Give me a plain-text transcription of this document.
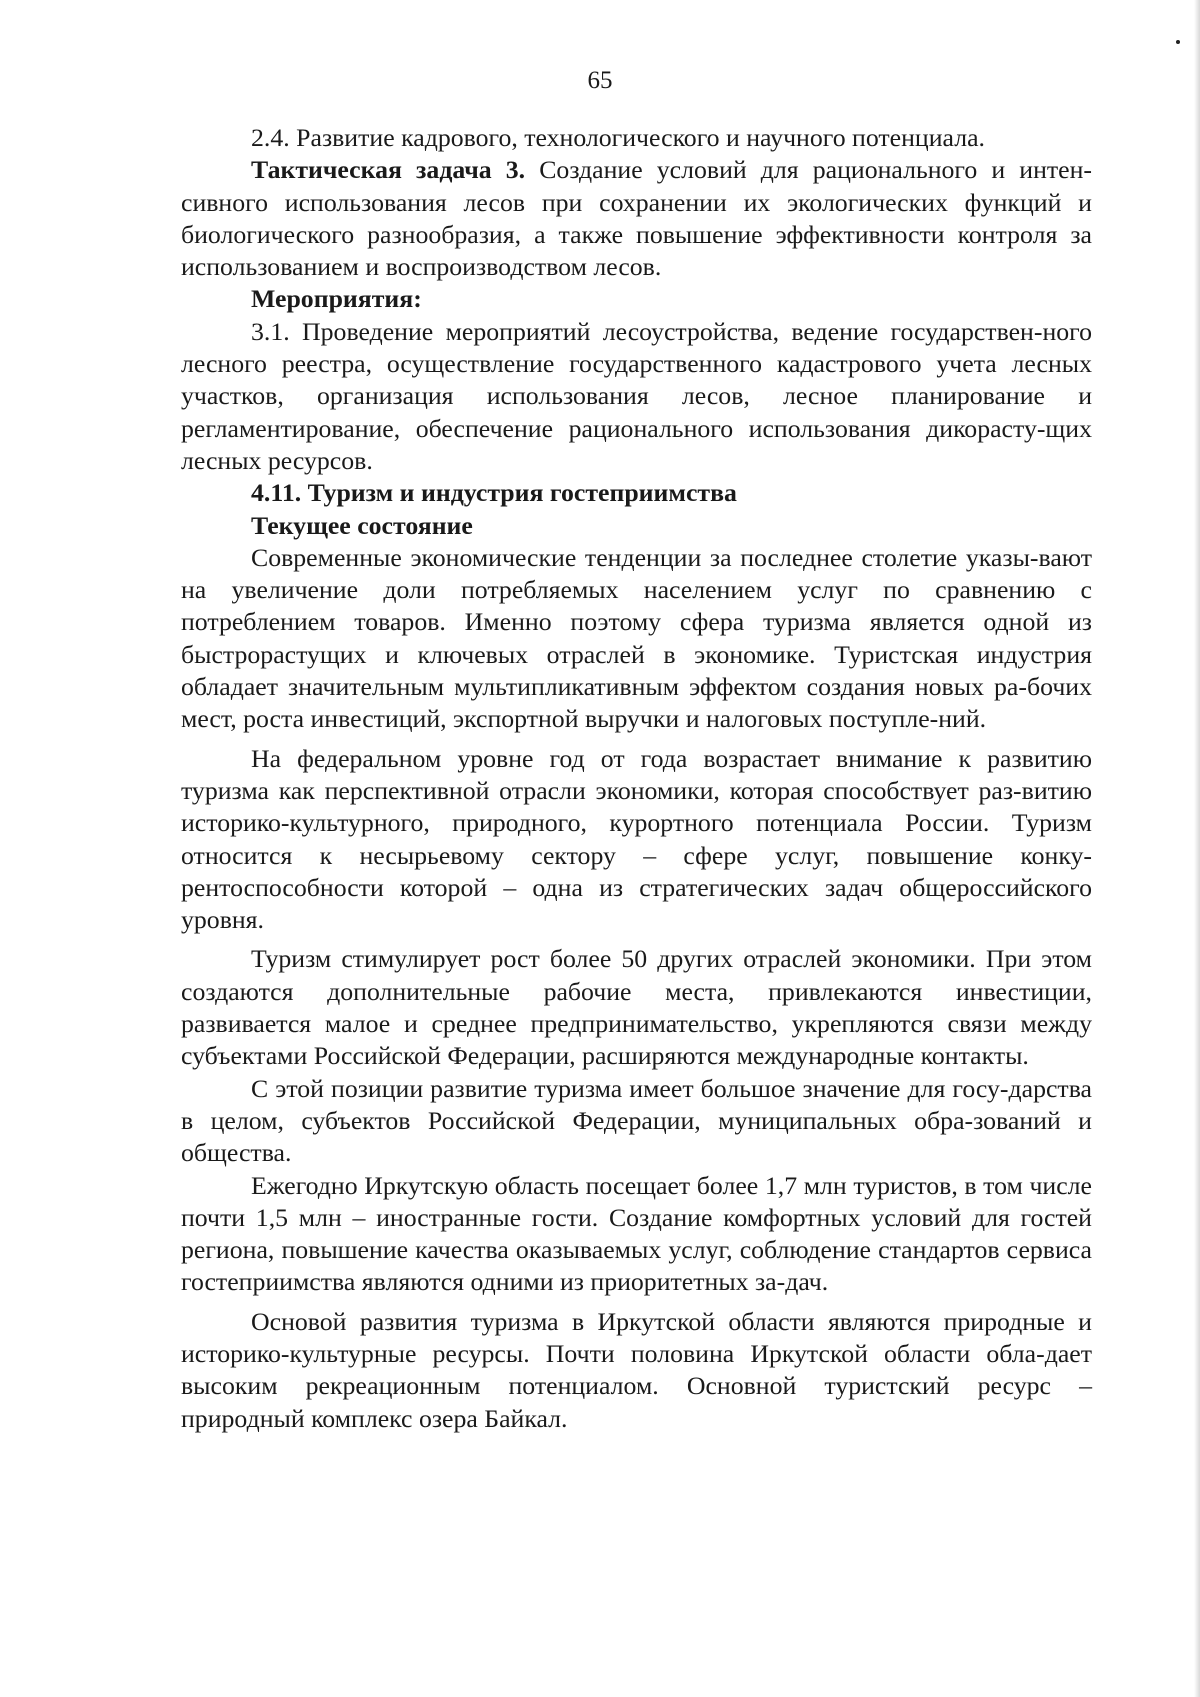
65

2.4. Развитие кадрового, технологического и научного потенциала.

Тактическая задача 3. Создание условий для рационального и интен-сивного использования лесов при сохранении их экологических функций и биологического разнообразия, а также повышение эффективности контроля за использованием и воспроизводством лесов.

Мероприятия:

3.1. Проведение мероприятий лесоустройства, ведение государствен-ного лесного реестра, осуществление государственного кадастрового учета лесных участков, организация использования лесов, лесное планирование и регламентирование, обеспечение рационального использования дикорасту-щих лесных ресурсов.

4.11. Туризм и индустрия гостеприимства
Текущее состояние

Современные экономические тенденции за последнее столетие указы-вают на увеличение доли потребляемых населением услуг по сравнению с потреблением товаров. Именно поэтому сфера туризма является одной из быстрорастущих и ключевых отраслей в экономике. Туристская индустрия обладает значительным мультипликативным эффектом создания новых ра-бочих мест, роста инвестиций, экспортной выручки и налоговых поступле-ний.

На федеральном уровне год от года возрастает внимание к развитию туризма как перспективной отрасли экономики, которая способствует раз-витию историко-культурного, природного, курортного потенциала России. Туризм относится к несырьевому сектору – сфере услуг, повышение конку-рентоспособности которой – одна из стратегических задач общероссийского уровня.

Туризм стимулирует рост более 50 других отраслей экономики. При этом создаются дополнительные рабочие места, привлекаются инвестиции, развивается малое и среднее предпринимательство, укрепляются связи между субъектами Российской Федерации, расширяются международные контакты.

С этой позиции развитие туризма имеет большое значение для госу-дарства в целом, субъектов Российской Федерации, муниципальных обра-зований и общества.

Ежегодно Иркутскую область посещает более 1,7 млн туристов, в том числе почти 1,5 млн – иностранные гости. Создание комфортных условий для гостей региона, повышение качества оказываемых услуг, соблюдение стандартов сервиса гостеприимства являются одними из приоритетных за-дач.

Основой развития туризма в Иркутской области являются природные и историко-культурные ресурсы. Почти половина Иркутской области обла-дает высоким рекреационным потенциалом. Основной туристский ресурс – природный комплекс озера Байкал.
